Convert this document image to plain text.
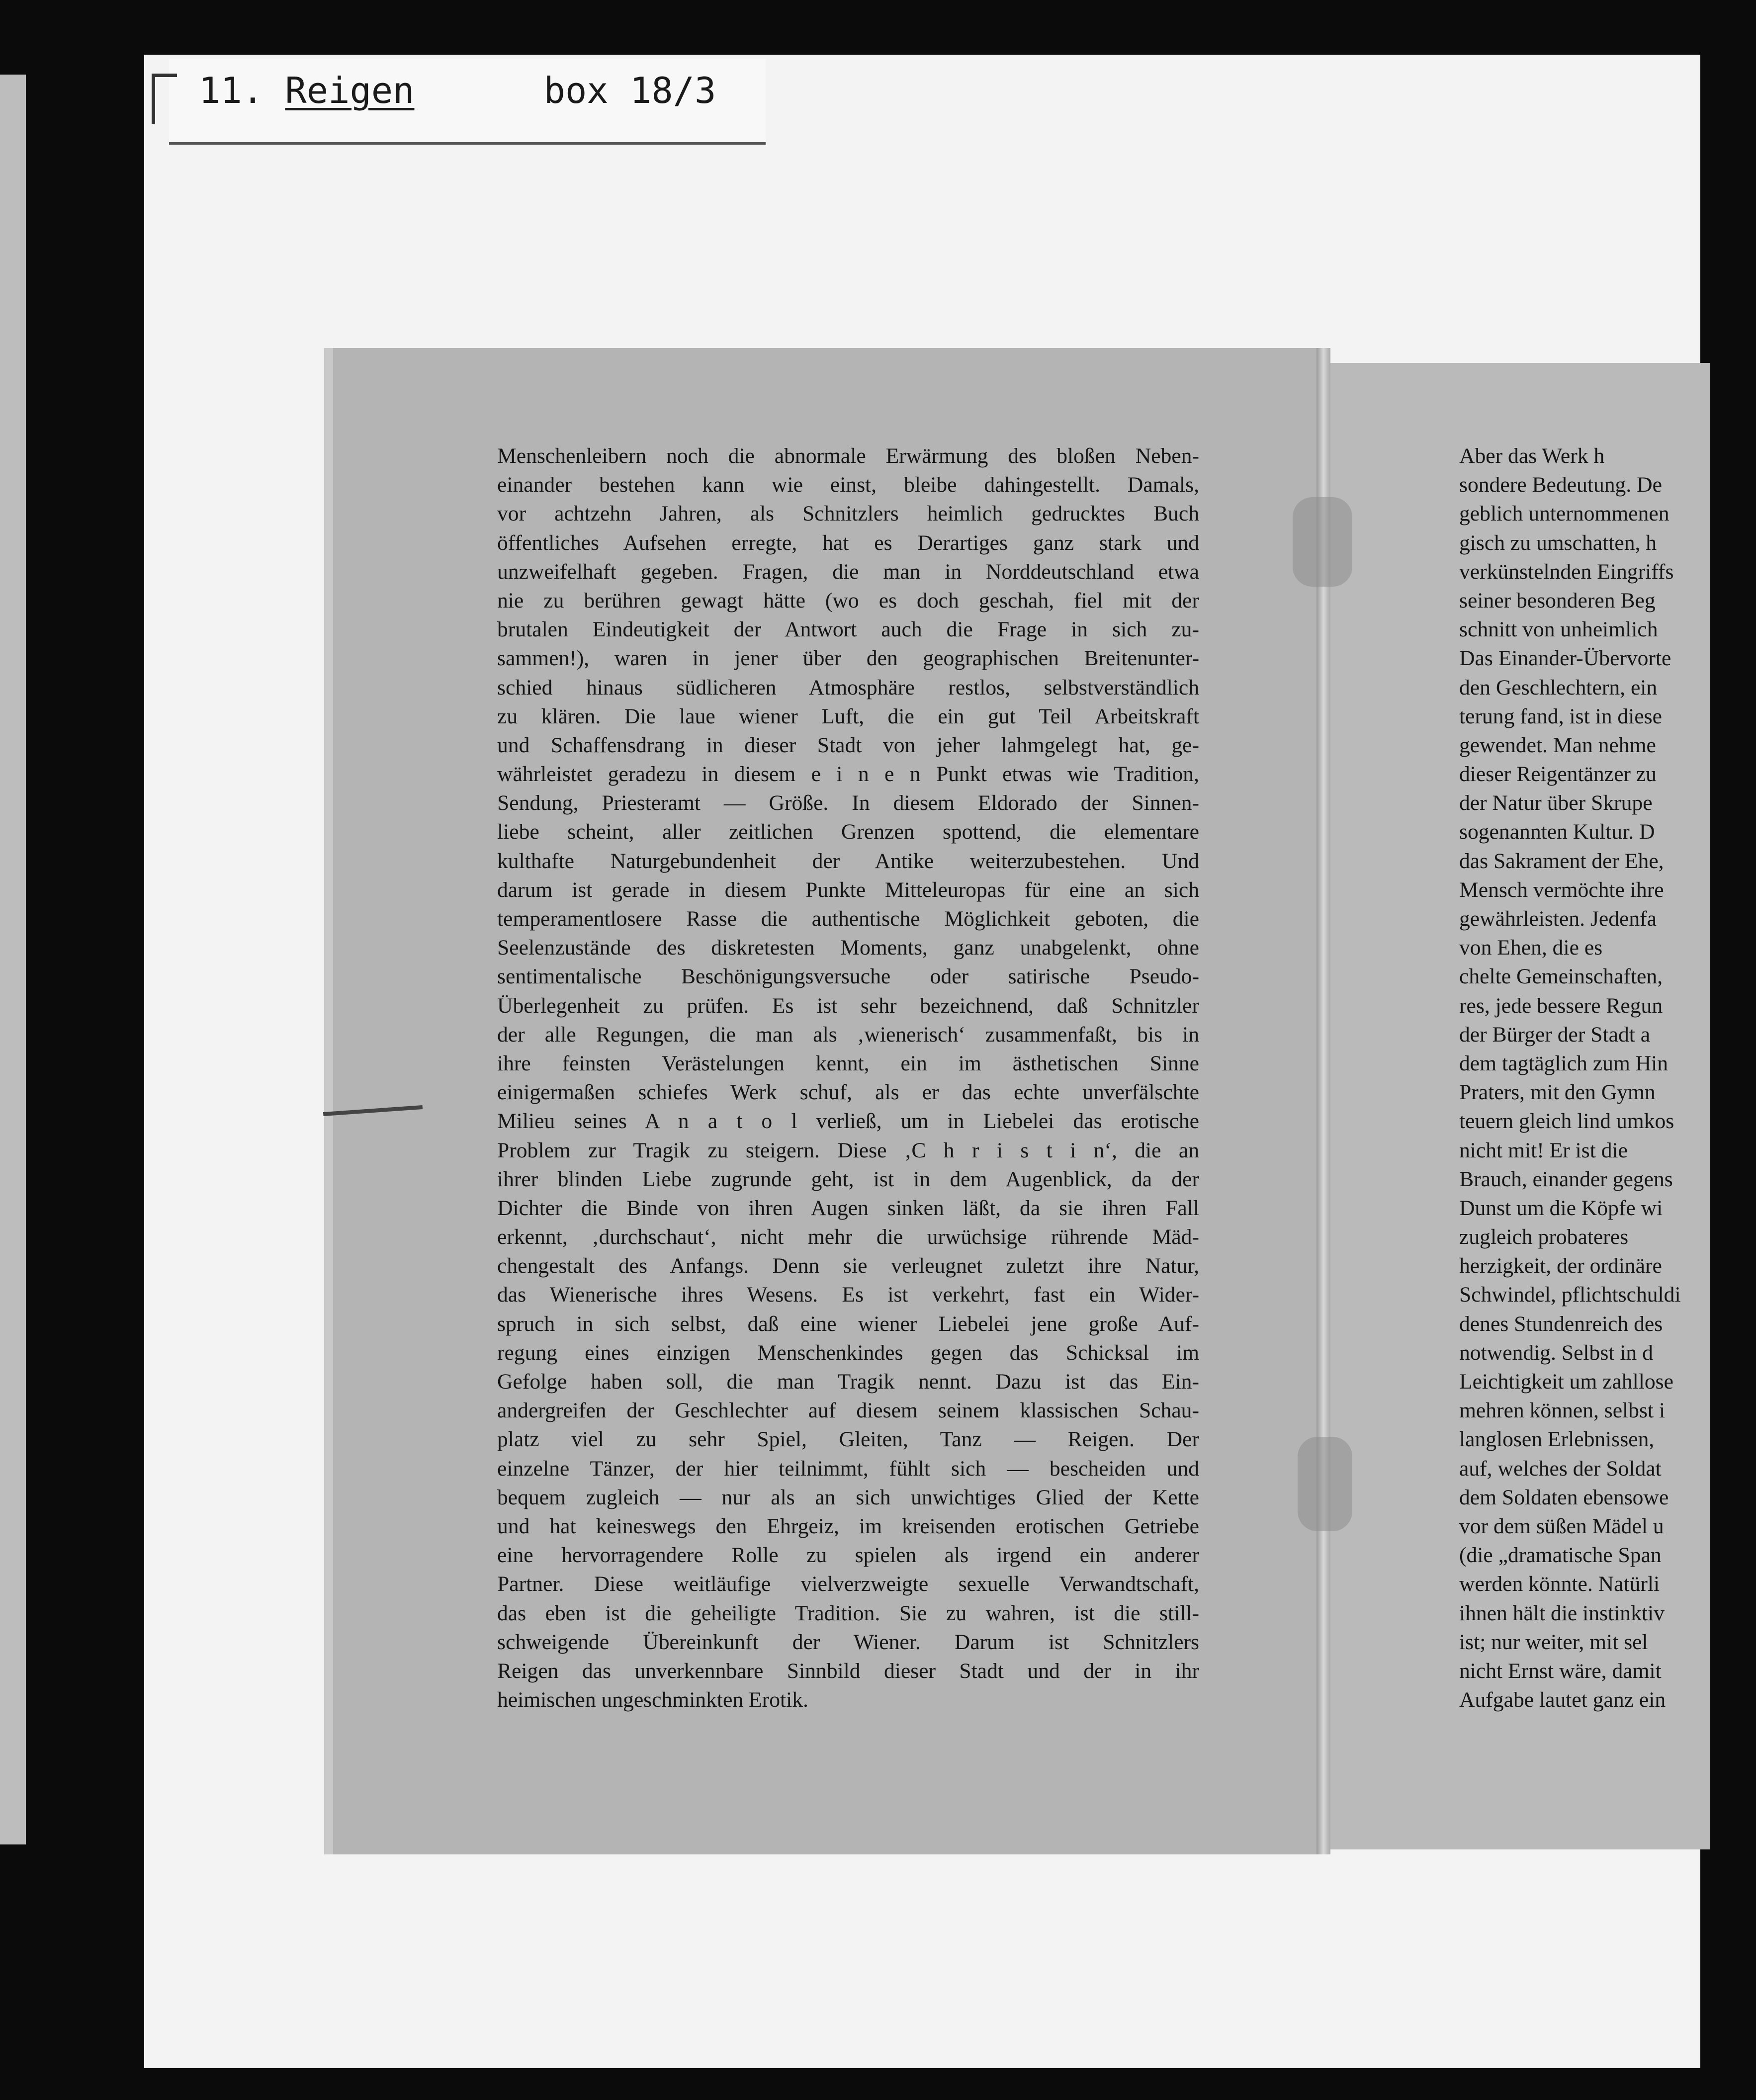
11. Reigen	box 18/3
Menschenleibern noch die abnormale Erwärmung des bloßen Neben-
einander bestehen kann wie einst, bleibe dahingestellt. Damals,
vor achtzehn Jahren, als Schnitzlers heimlich gedrucktes Buch
öffentliches Aufsehen erregte, hat es Derartiges ganz stark und
unzweifelhaft gegeben. Fragen, die man in Norddeutschland etwa
nie zu berühren gewagt hätte (wo es doch geschah, fiel mit der
brutalen Eindeutigkeit der Antwort auch die Frage in sich zu-
sammen!), waren in jener über den geographischen Breitenunter-
schied hinaus südlicheren Atmosphäre restlos, selbstverständlich
zu klären. Die laue wiener Luft, die ein gut Teil Arbeitskraft
und Schaffensdrang in dieser Stadt von jeher lahmgelegt hat, ge-
währleistet geradezu in diesem e i n e n Punkt etwas wie Tradition,
Sendung, Priesteramt — Größe. In diesem Eldorado der Sinnen-
liebe scheint, aller zeitlichen Grenzen spottend, die elementare
kulthafte Naturgebundenheit der Antike weiterzubestehen. Und
darum ist gerade in diesem Punkte Mitteleuropas für eine an sich
temperamentlosere Rasse die authentische Möglichkeit geboten, die
Seelenzustände des diskretesten Moments, ganz unabgelenkt, ohne
sentimentalische Beschönigungsversuche oder satirische Pseudo-
Überlegenheit zu prüfen. Es ist sehr bezeichnend, daß Schnitzler
der alle Regungen, die man als ‚wienerisch‘ zusammenfaßt, bis in
ihre feinsten Verästelungen kennt, ein im ästhetischen Sinne
einigermaßen schiefes Werk schuf, als er das echte unverfälschte
Milieu seines A n a t o l verließ, um in Liebelei das erotische
Problem zur Tragik zu steigern. Diese ‚C h r i s t i n‘, die an
ihrer blinden Liebe zugrunde geht, ist in dem Augenblick, da der
Dichter die Binde von ihren Augen sinken läßt, da sie ihren Fall
erkennt, ‚durchschaut‘, nicht mehr die urwüchsige rührende Mäd-
chengestalt des Anfangs. Denn sie verleugnet zuletzt ihre Natur,
das Wienerische ihres Wesens. Es ist verkehrt, fast ein Wider-
spruch in sich selbst, daß eine wiener Liebelei jene große Auf-
regung eines einzigen Menschenkindes gegen das Schicksal im
Gefolge haben soll, die man Tragik nennt. Dazu ist das Ein-
andergreifen der Geschlechter auf diesem seinem klassischen Schau-
platz viel zu sehr Spiel, Gleiten, Tanz — Reigen. Der
einzelne Tänzer, der hier teilnimmt, fühlt sich — bescheiden und
bequem zugleich — nur als an sich unwichtiges Glied der Kette
und hat keineswegs den Ehrgeiz, im kreisenden erotischen Getriebe
eine hervorragendere Rolle zu spielen als irgend ein anderer
Partner. Diese weitläufige vielverzweigte sexuelle Verwandtschaft,
das eben ist die geheiligte Tradition. Sie zu wahren, ist die still-
schweigende Übereinkunft der Wiener. Darum ist Schnitzlers
Reigen das unverkennbare Sinnbild dieser Stadt und der in ihr
heimischen ungeschminkten Erotik.
Aber das Werk h
sondere Bedeutung. De
geblich unternommenen
gisch zu umschatten, h
verkünstelnden Eingriffs
seiner besonderen Beg
schnitt von unheimlich
Das Einander-Übervorte
den Geschlechtern, ein
terung fand, ist in diese
gewendet. Man nehme
dieser Reigentänzer zu
der Natur über Skrupe
sogenannten Kultur. D
das Sakrament der Ehe,
Mensch vermöchte ihre
gewährleisten. Jedenfa
von Ehen, die es
chelte Gemeinschaften,
res, jede bessere Regun
der Bürger der Stadt a
dem tagtäglich zum Hin
Praters, mit den Gymn
teuern gleich lind umkos
nicht mit! Er ist die
Brauch, einander gegens
Dunst um die Köpfe wi
zugleich probateres
herzigkeit, der ordinäre
Schwindel, pflichtschuldi
denes Stundenreich des
notwendig. Selbst in d
Leichtigkeit um zahllose
mehren können, selbst i
langlosen Erlebnissen,
auf, welches der Soldat
dem Soldaten ebensowe
vor dem süßen Mädel u
(die „dramatische Span
werden könnte. Natürli
ihnen hält die instinktiv
ist; nur weiter, mit sel
nicht Ernst wäre, damit
Aufgabe lautet ganz ein
